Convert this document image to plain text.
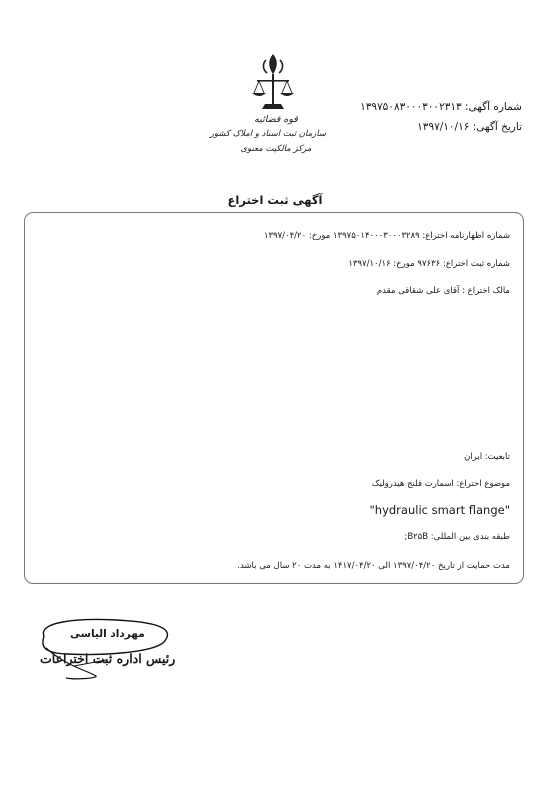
قوه قضائیه
سازمان ثبت اسناد و املاک کشور
مرکز مالکیت معنوی
شماره آگهی: ۱۳۹۷۵۰۸۳۰۰۰۳۰۰۲۳۱۳
تاریخ آگهی: ۱۳۹۷/۱۰/۱۶
آگهی ثبت اختراع
شماره اظهارنامه اختراع: ۱۳۹۷۵۰۱۴۰۰۰۳۰۰۰۳۲۸۹ مورخ: ۱۳۹۷/۰۴/۲۰
شماره ثبت اختراع: ۹۷۶۳۶ مورخ: ۱۳۹۷/۱۰/۱۶
مالک اختراع : آقای علی شقاقی مقدم
تابعیت: ایران
موضوع اختراع: اسمارت فلنج هیدرولیک
"hydraulic smart flange"
طبقه بندی بین المللی: B۲۵B;
مدت حمایت از تاریخ ۱۳۹۷/۰۴/۲۰ الی ۱۴۱۷/۰۴/۲۰ به مدت ۲۰ سال می باشد.
مهرداد الیاسی
رئیس اداره ثبت اختراعات
